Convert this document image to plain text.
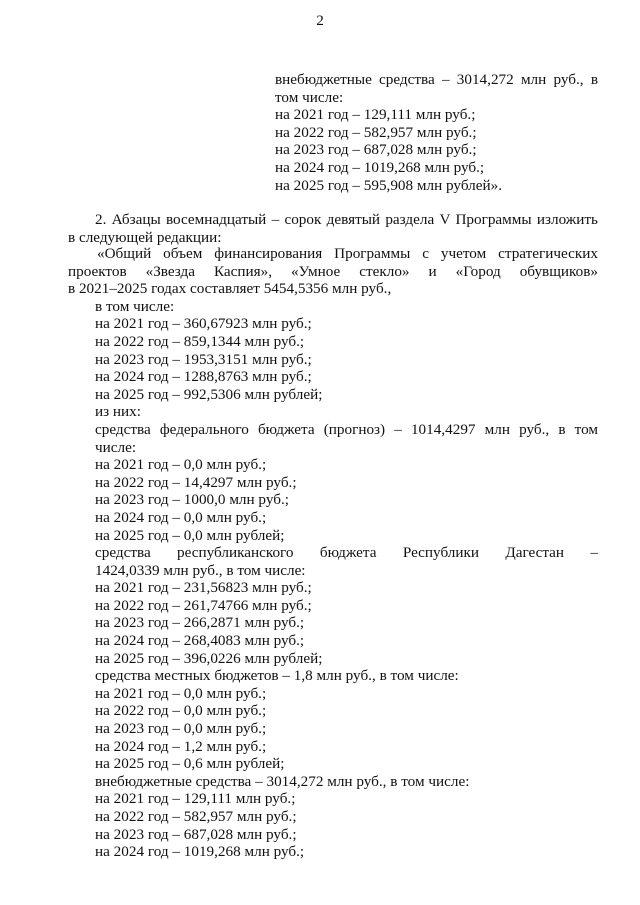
2
внебюджетные средства – 3014,272 млн руб., в
том числе:
на 2021 год – 129,111 млн руб.;
на 2022 год – 582,957 млн руб.;
на 2023 год – 687,028 млн руб.;
на 2024 год – 1019,268 млн руб.;
на 2025 год – 595,908 млн рублей».
2. Абзацы восемнадцатый – сорок девятый раздела V Программы изложить
в следующей редакции:
«Общий объем финансирования Программы с учетом стратегических
проектов «Звезда Каспия», «Умное стекло» и «Город обувщиков»
в 2021–2025 годах составляет 5454,5356 млн руб.,
в том числе:
на 2021 год – 360,67923 млн руб.;
на 2022 год – 859,1344 млн руб.;
на 2023 год – 1953,3151 млн руб.;
на 2024 год – 1288,8763 млн руб.;
на 2025 год – 992,5306 млн рублей;
из них:
средства федерального бюджета (прогноз) – 1014,4297 млн руб., в том
числе:
на 2021 год – 0,0 млн руб.;
на 2022 год – 14,4297 млн руб.;
на 2023 год – 1000,0 млн руб.;
на 2024 год – 0,0 млн руб.;
на 2025 год – 0,0 млн рублей;
средства республиканского бюджета Республики Дагестан –
1424,0339 млн руб., в том числе:
на 2021 год – 231,56823 млн руб.;
на 2022 год – 261,74766 млн руб.;
на 2023 год – 266,2871 млн руб.;
на 2024 год – 268,4083 млн руб.;
на 2025 год – 396,0226 млн рублей;
средства местных бюджетов – 1,8 млн руб., в том числе:
на 2021 год – 0,0 млн руб.;
на 2022 год – 0,0 млн руб.;
на 2023 год – 0,0 млн руб.;
на 2024 год – 1,2 млн руб.;
на 2025 год – 0,6 млн рублей;
внебюджетные средства – 3014,272 млн руб., в том числе:
на 2021 год – 129,111 млн руб.;
на 2022 год – 582,957 млн руб.;
на 2023 год – 687,028 млн руб.;
на 2024 год – 1019,268 млн руб.;
